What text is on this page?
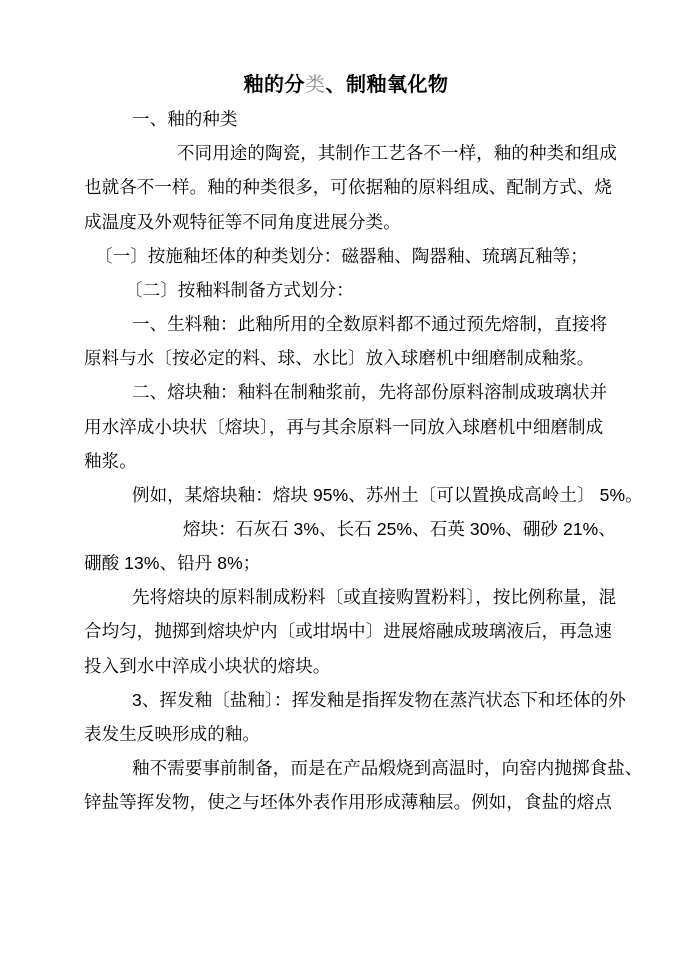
釉的分类、制釉氧化物
一、釉的种类
不同用途的陶瓷，其制作工艺各不一样，釉的种类和组成
也就各不一样。釉的种类很多，可依据釉的原料组成、配制方式、烧
成温度及外观特征等不同角度进展分类。
〔一〕按施釉坯体的种类划分：磁器釉、陶器釉、琉璃瓦釉等；
〔二〕按釉料制备方式划分：
一、生料釉：此釉所用的全数原料都不通过预先熔制，直接将
原料与水〔按必定的料、球、水比〕放入球磨机中细磨制成釉浆。
二、熔块釉：釉料在制釉浆前，先将部份原料溶制成玻璃状并
用水淬成小块状〔熔块〕，再与其余原料一同放入球磨机中细磨制成
釉浆。
例如，某熔块釉：熔块 95%、苏州土〔可以置换成高岭土〕 5%。
熔块：石灰石 3%、长石 25%、石英 30%、硼砂 21%、
硼酸 13%、铅丹 8%；
先将熔块的原料制成粉料〔或直接购置粉料〕，按比例称量，混
合均匀，抛掷到熔块炉内〔或坩埚中〕进展熔融成玻璃液后，再急速
投入到水中淬成小块状的熔块。
3、挥发釉〔盐釉〕：挥发釉是指挥发物在蒸汽状态下和坯体的外
表发生反映形成的釉。
釉不需要事前制备，而是在产品煅烧到高温时，向窑内抛掷食盐、
锌盐等挥发物，使之与坯体外表作用形成薄釉层。例如，食盐的熔点
